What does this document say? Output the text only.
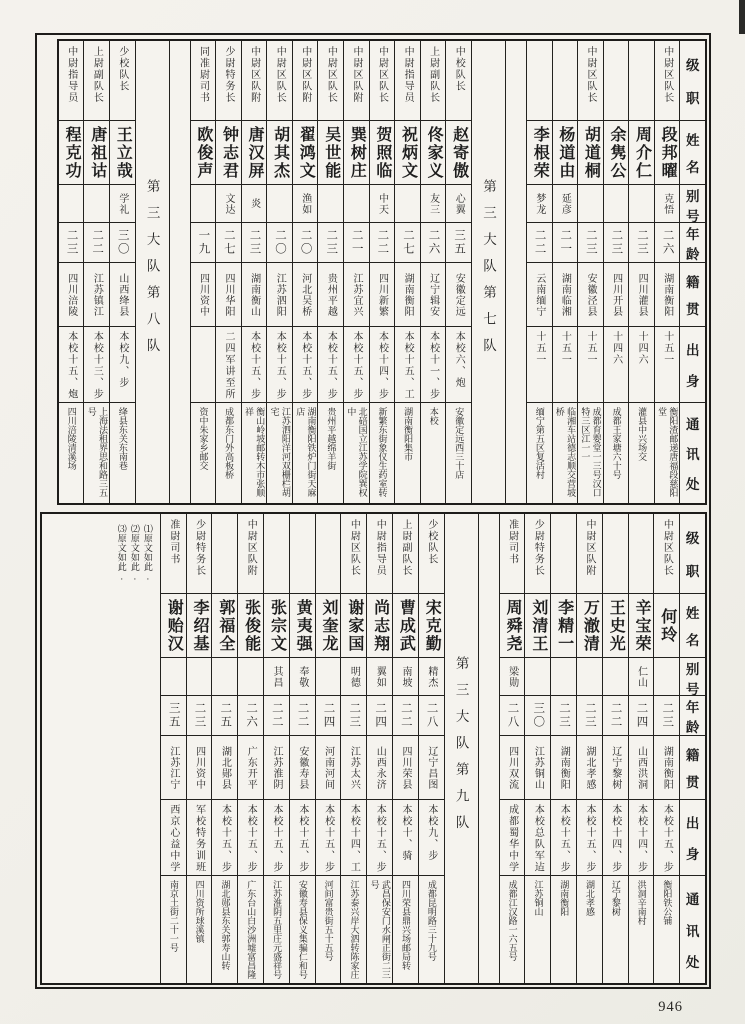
级
职
姓
名
别
号
年
龄
籍
贯
出
身
通
讯
处
中尉区队长
段邦曜
克悟
二六
湖南衡阳
十五一
衡阳渣邮递唐福段慈阳堂
周介仁
二三
四川灌县
十四六
灌县中兴场交
余隽公
二三
四川开县
十四六
成都王家塘六十号
中尉区队长
胡道桐
二三
安徽泾县
十五一
成都育婴堂一三号汉口特三区江一一
杨道由
延彦
二一
湖南临湘
十五一
临湘车站德志顺交营坡桥
李根荣
梦龙
二二
云南缅宁
十五一
缅宁第五区复活村
第三大队第七队
中校队长
赵寄傲
心翼
三五
安徽定远
本校六、炮
安徽定远西三十店
上尉副队长
佟家义
友三
二六
辽宁辑安
本校十一、步
本校
中尉指导员
祝炳文
二七
湖南衡阳
本校十五、工
湖南衡阳集市
中尉区队长
贺照临
中天
二二
四川新繁
本校十四、步
新繁东街象仪生药室转
中尉区队附
巽树庄
二一
江苏宜兴
本校十五、步
北碚国立江苏学院巽权中
中尉区队长
吴世能
二三
贵州平越
本校十五、步
贵州平越绵羊街
中尉区队附
翟鸿文
渔如
二〇
河北吴桥
本校十五、步
湖南衡阳铁炉门街天麻店
中尉区队长
胡其杰
二〇
江苏泗阳
本校十五、步
江苏泗阳洋河双栅栏胡宅
中尉区队附
唐汉屏
炎
二三
湖南衡山
本校十五、步
衡山岭坡邮转木市张顺祥
少尉特务长
钟志君
文达
二七
四川华阳
二四军讲至所
成都东门外高板桥
同准尉司书
欧俊声
一九
四川资中
资中朱家乡邮交
第三大队第八队
少校队长
王立哉
学礼
三〇
山西绛县
本校九、步
绛县东关东南巷
上尉副队长
唐祖诂
二二
江苏镇江
本校十三、步
上海法租界思和路三五号
中尉指导员
程克功
二三
四川涪陵
本校十五、炮
四川涪陵清溪场
级
职
姓
名
别
号
年
龄
籍
贯
出
身
通
讯
处
中尉区队长
何玲
二三
湖南衡阳
本校十五、步
衡阳铁公铺
辛宝荣
仁山
二四
山西洪洞
本校十四、步
洪洞辛南村
王史光
二二
辽宁黎树
本校十四、步
辽宁黎树
中尉区队附
万澈清
二三
湖北孝感
本校十五、步
湖北孝感
李精一
二三
湖南衡阳
本校十五、步
湖南衡阳
少尉特务长
刘清王
三〇
江苏铜山
本校总队军迠
江苏铜山
准尉司书
周舜尧
梁勋
二八
四川双流
成都蜀华中学
成都江汉路一六五号
第三大队第九队
少校队长
宋克勤
精杰
二八
辽宁昌图
本校九、步
成都昆明路三十九号
上尉副队长
曹成武
南坡
二二
四川荣县
本校十、骑
四川荣县鼎兴场邮局转
中尉指导员
尚志翔
翼如
二四
山西永济
本校十五、步
武昌保安门水闸正街二三号
中尉区队长
谢家国
明德
二三
江苏太兴
本校十四、工
江苏泰兴岸大泗转陈家庄
刘奎龙
二四
河南河间
本校十五、步
河间富贵街五十五号
黄夷强
奉敬
二二
安徽寿县
本校十五、步
安徽寿县保义集骗仁和号
张宗文
其昌
二二
江苏淮阴
本校十五、步
江苏淮阴五里庄元盛祥号
中尉区队附
张俊能
二六
广东开平
本校十五、步
广东台山白沙洲墟富昌隆
郭福全
二五
湖北郧县
本校十五、步
湖北郧县东关郭寿山转
少尉特务长
李绍基
二三
四川资中
军校特务训班
四川资所球溪镇
准尉司书
谢贻汉
三五
江苏江宁
西京心益中学
南京土街二十一号
⑴原文如此.
⑵原文如此.
⑶原文如此.
946
